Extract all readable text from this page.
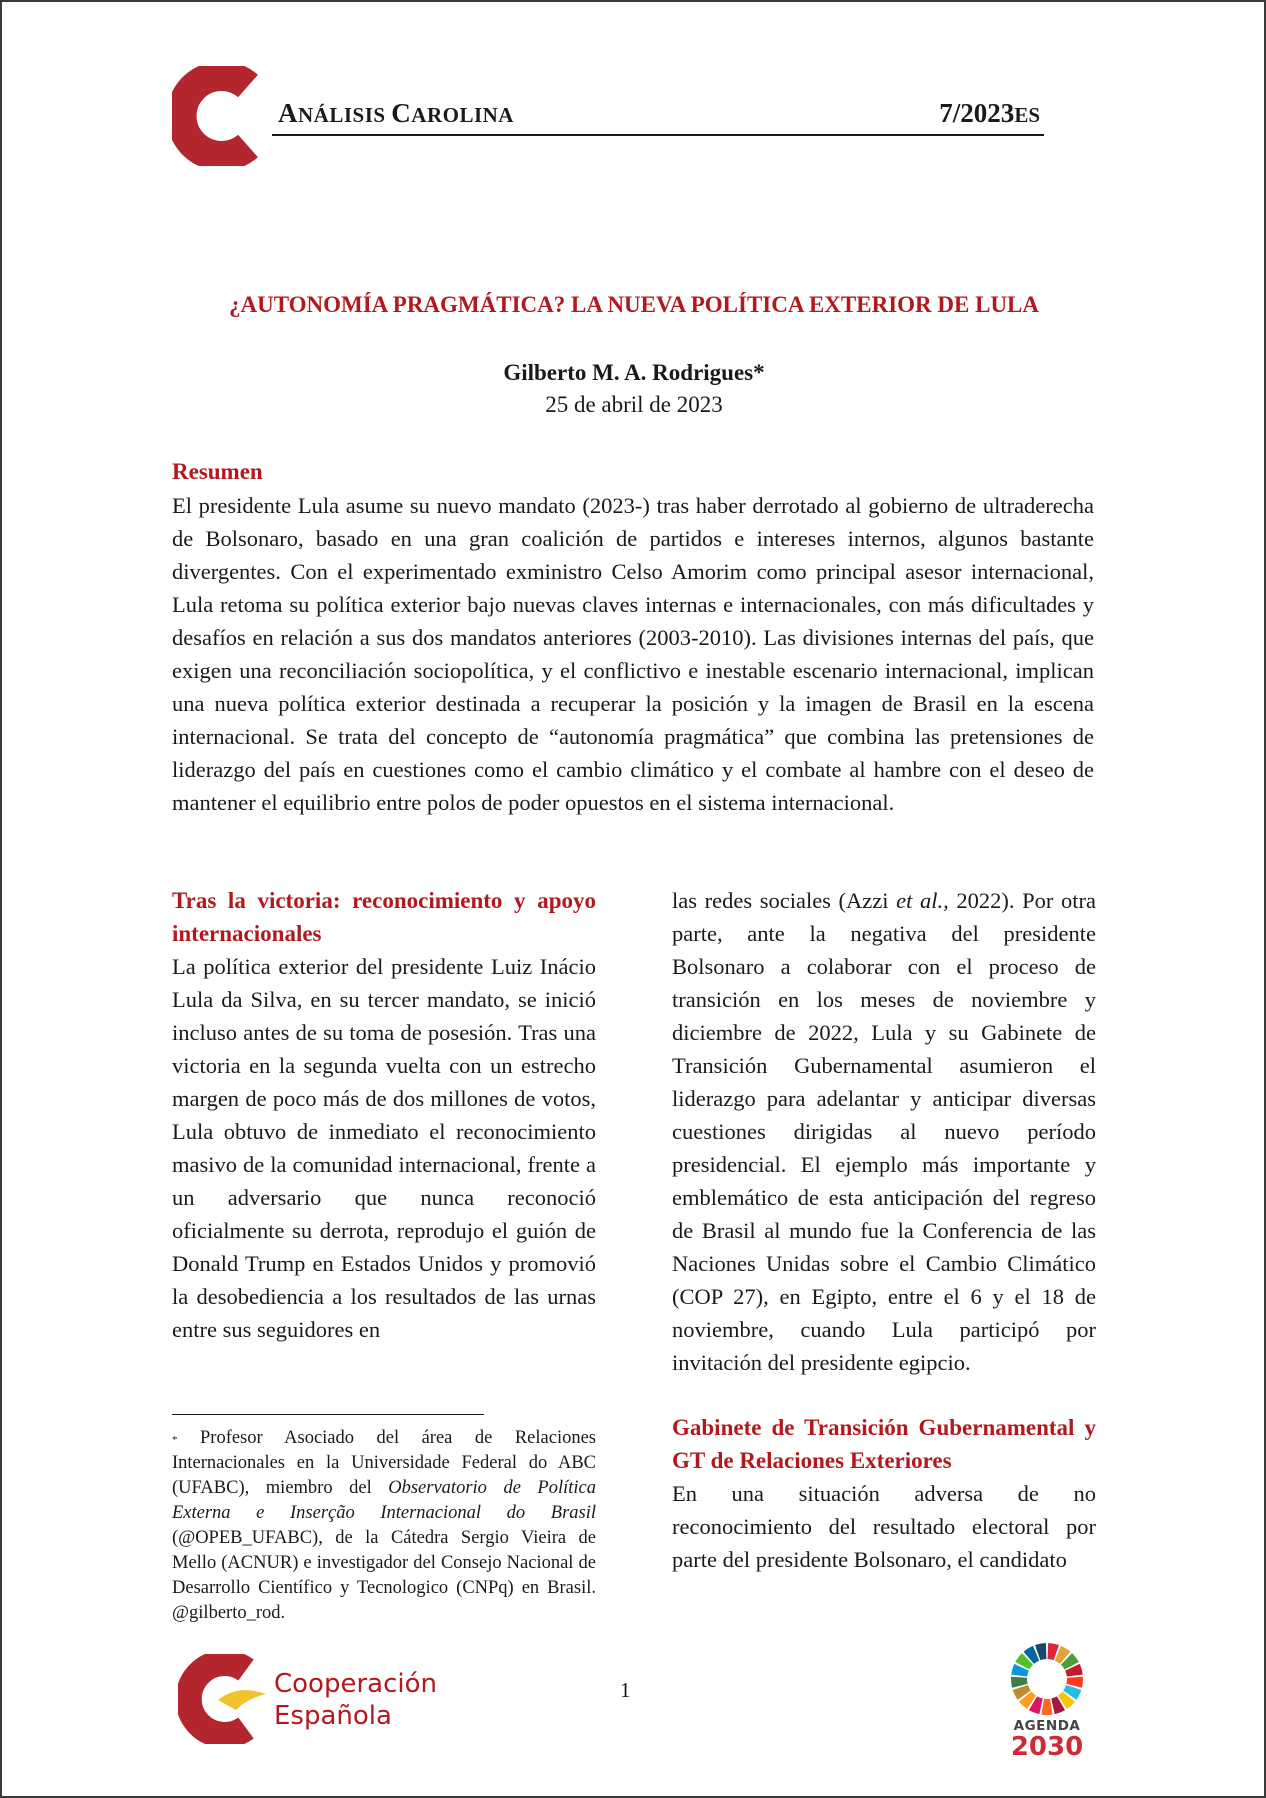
ANÁLISIS CAROLINA	7/2023ES
¿AUTONOMÍA PRAGMÁTICA? LA NUEVA POLÍTICA EXTERIOR DE LULA
Gilberto M. A. Rodrigues*
25 de abril de 2023
Resumen
El presidente Lula asume su nuevo mandato (2023-) tras haber derrotado al gobierno de ultraderecha de Bolsonaro, basado en una gran coalición de partidos e intereses internos, algunos bastante divergentes. Con el experimentado exministro Celso Amorim como principal asesor internacional, Lula retoma su política exterior bajo nuevas claves internas e internacionales, con más dificultades y desafíos en relación a sus dos mandatos anteriores (2003-2010). Las divisiones internas del país, que exigen una reconciliación sociopolítica, y el conflictivo e inestable escenario internacional, implican una nueva política exterior destinada a recuperar la posición y la imagen de Brasil en la escena internacional. Se trata del concepto de “autonomía pragmática” que combina las pretensiones de liderazgo del país en cuestiones como el cambio climático y el combate al hambre con el deseo de mantener el equilibrio entre polos de poder opuestos en el sistema internacional.
Tras la victoria: reconocimiento y apoyo internacionales

La política exterior del presidente Luiz Inácio Lula da Silva, en su tercer mandato, se inició incluso antes de su toma de posesión. Tras una victoria en la segunda vuelta con un estrecho margen de poco más de dos millones de votos, Lula obtuvo de inmediato el reconocimiento masivo de la comunidad internacional, frente a un adversario que nunca reconoció oficialmente su derrota, reprodujo el guión de Donald Trump en Estados Unidos y promovió la desobediencia a los resultados de las urnas entre sus seguidores en

las redes sociales (Azzi et al., 2022). Por otra parte, ante la negativa del presidente Bolsonaro a colaborar con el proceso de transición en los meses de noviembre y diciembre de 2022, Lula y su Gabinete de Transición Gubernamental asumieron el liderazgo para adelantar y anticipar diversas cuestiones dirigidas al nuevo período presidencial. El ejemplo más importante y emblemático de esta anticipación del regreso de Brasil al mundo fue la Conferencia de las Naciones Unidas sobre el Cambio Climático (COP 27), en Egipto, entre el 6 y el 18 de noviembre, cuando Lula participó por invitación del presidente egipcio.

Gabinete de Transición Gubernamental y GT de Relaciones Exteriores

En una situación adversa de no reconocimiento del resultado electoral por parte del presidente Bolsonaro, el candidato

* Profesor Asociado del área de Relaciones Internacionales en la Universidade Federal do ABC (UFABC), miembro del Observatorio de Política Externa e Inserção Internacional do Brasil (@OPEB_UFABC), de la Cátedra Sergio Vieira de Mello (ACNUR) e investigador del Consejo Nacional de Desarrollo Científico y Tecnologico (CNPq) en Brasil. @gilberto_rod.
Cooperación
Española
1
AGENDA
2030
